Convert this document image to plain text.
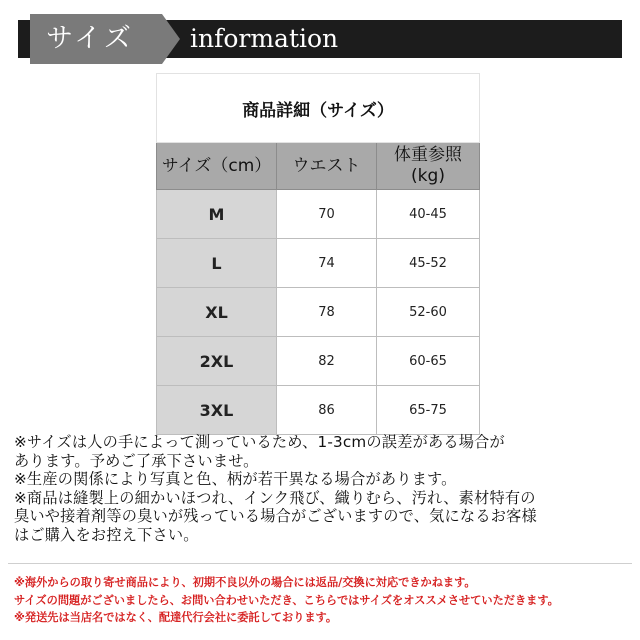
サイズ information
商品詳細（サイズ）		
サイズ（cm）	ウエスト	体重参照
(kg)
M	70	40-45
L	74	45-52
XL	78	52-60
2XL	82	60-65
3XL	86	65-75

※サイズは人の手によって測っているため、1-3cmの誤差がある場合が

あります。予めご了承下さいませ。

※生産の関係により写真と色、柄が若干異なる場合があります。

※商品は縫製上の細かいほつれ、インク飛び、織りむら、汚れ、素材特有の

臭いや接着剤等の臭いが残っている場合がございますので、気になるお客様

はご購入をお控え下さい。

※海外からの取り寄せ商品により、初期不良以外の場合には返品/交換に対応できかねます。

サイズの問題がございましたら、お問い合わせいただき、こちらではサイズをオススメさせていただきます。

※発送先は当店名ではなく、配達代行会社に委託しております。
